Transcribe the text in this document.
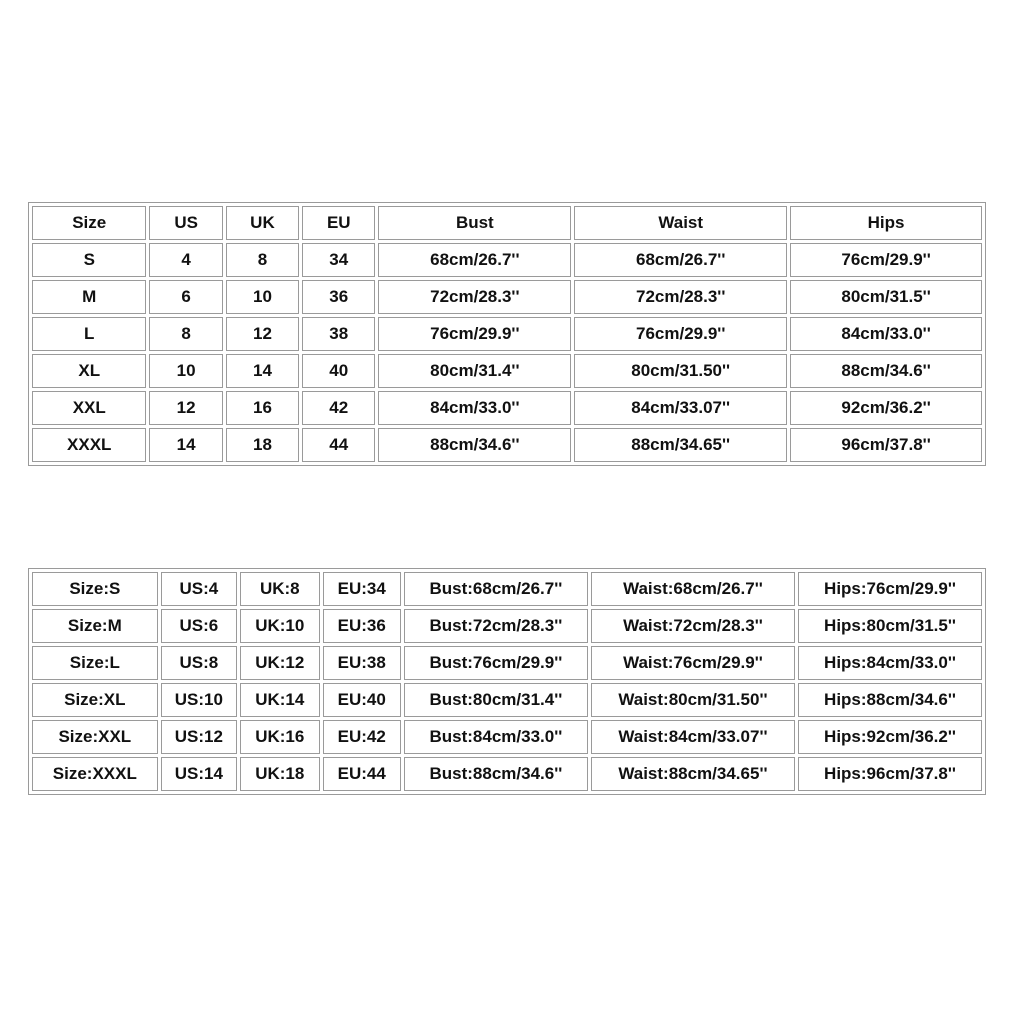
Size	US	UK	EU	Bust	Waist	Hips
S	4	8	34	68cm/26.7''	68cm/26.7''	76cm/29.9''
M	6	10	36	72cm/28.3''	72cm/28.3''	80cm/31.5''
L	8	12	38	76cm/29.9''	76cm/29.9''	84cm/33.0''
XL	10	14	40	80cm/31.4''	80cm/31.50''	88cm/34.6''
XXL	12	16	42	84cm/33.0''	84cm/33.07''	92cm/36.2''
XXXL	14	18	44	88cm/34.6''	88cm/34.65''	96cm/37.8''
Size:S	US:4	UK:8	EU:34	Bust:68cm/26.7''	Waist:68cm/26.7''	Hips:76cm/29.9''
Size:M	US:6	UK:10	EU:36	Bust:72cm/28.3''	Waist:72cm/28.3''	Hips:80cm/31.5''
Size:L	US:8	UK:12	EU:38	Bust:76cm/29.9''	Waist:76cm/29.9''	Hips:84cm/33.0''
Size:XL	US:10	UK:14	EU:40	Bust:80cm/31.4''	Waist:80cm/31.50''	Hips:88cm/34.6''
Size:XXL	US:12	UK:16	EU:42	Bust:84cm/33.0''	Waist:84cm/33.07''	Hips:92cm/36.2''
Size:XXXL	US:14	UK:18	EU:44	Bust:88cm/34.6''	Waist:88cm/34.65''	Hips:96cm/37.8''
